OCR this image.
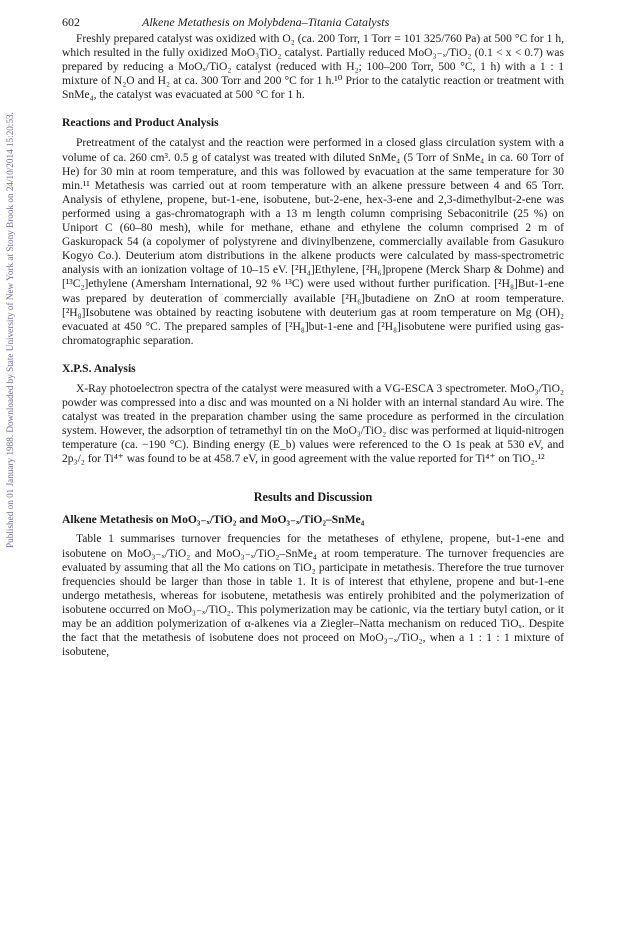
Published on 01 January 1988. Downloaded by State University of New York at Stony Brook on 24/10/2014 15:20:53.
602	Alkene Metathesis on Molybdena–Titania Catalysts

Freshly prepared catalyst was oxidized with O₂ (ca. 200 Torr, 1 Torr = 101 325/760 Pa) at 500 °C for 1 h, which resulted in the fully oxidized MoO₃TiO₂ catalyst. Partially reduced MoO₃₋ₓ/TiO₂ (0.1 < x < 0.7) was prepared by reducing a MoOₓ/TiO₂ catalyst (reduced with H₂; 100–200 Torr, 500 °C, 1 h) with a 1 : 1 mixture of N₂O and H₂ at ca. 300 Torr and 200 °C for 1 h.¹⁰ Prior to the catalytic reaction or treatment with SnMe₄, the catalyst was evacuated at 500 °C for 1 h.

Reactions and Product Analysis

Pretreatment of the catalyst and the reaction were performed in a closed glass circulation system with a volume of ca. 260 cm³. 0.5 g of catalyst was treated with diluted SnMe₄ (5 Torr of SnMe₄ in ca. 60 Torr of He) for 30 min at room temperature, and this was followed by evacuation at the same temperature for 30 min.¹¹ Metathesis was carried out at room temperature with an alkene pressure between 4 and 65 Torr. Analysis of ethylene, propene, but-1-ene, isobutene, but-2-ene, hex-3-ene and 2,3-dimethylbut-2-ene was performed using a gas-chromatograph with a 13 m length column comprising Sebaconitrile (25 %) on Uniport C (60–80 mesh), while for methane, ethane and ethylene the column comprised 2 m of Gaskuropack 54 (a copolymer of polystyrene and divinylbenzene, commercially available from Gasukuro Kogyo Co.). Deuterium atom distributions in the alkene products were calculated by mass-spectrometric analysis with an ionization voltage of 10–15 eV. [²H₄]Ethylene, [²H₆]propene (Merck Sharp & Dohme) and [¹³C₂]ethylene (Amersham International, 92 % ¹³C) were used without further purification. [²H₈]But-1-ene was prepared by deuteration of commercially available [²H₆]butadiene on ZnO at room temperature. [²H₈]Isobutene was obtained by reacting isobutene with deuterium gas at room temperature on Mg (OH)₂ evacuated at 450 °C. The prepared samples of [²H₈]but-1-ene and [²H₈]isobutene were purified using gas-chromatographic separation.

X.P.S. Analysis

X-Ray photoelectron spectra of the catalyst were measured with a VG-ESCA 3 spectrometer. MoO₃/TiO₂ powder was compressed into a disc and was mounted on a Ni holder with an internal standard Au wire. The catalyst was treated in the preparation chamber using the same procedure as performed in the circulation system. However, the adsorption of tetramethyl tin on the MoO₃/TiO₂ disc was performed at liquid-nitrogen temperature (ca. −190 °C). Binding energy (E_b) values were referenced to the O 1s peak at 530 eV, and 2p₃/₂ for Ti⁴⁺ was found to be at 458.7 eV, in good agreement with the value reported for Ti⁴⁺ on TiO₂.¹²

Results and Discussion
Alkene Metathesis on MoO₃₋ₓ/TiO₂ and MoO₃₋ₓ/TiO₂–SnMe₄

Table 1 summarises turnover frequencies for the metatheses of ethylene, propene, but-1-ene and isobutene on MoO₃₋ₓ/TiO₂ and MoO₃₋ₓ/TiO₂–SnMe₄ at room temperature. The turnover frequencies are evaluated by assuming that all the Mo cations on TiO₂ participate in metathesis. Therefore the true turnover frequencies should be larger than those in table 1. It is of interest that ethylene, propene and but-1-ene undergo metathesis, whereas for isobutene, metathesis was entirely prohibited and the polymerization of isobutene occurred on MoO₃₋ₓ/TiO₂. This polymerization may be cationic, via the tertiary butyl cation, or it may be an addition polymerization of α-alkenes via a Ziegler–Natta mechanism on reduced TiOₓ. Despite the fact that the metathesis of isobutene does not proceed on MoO₃₋ₓ/TiO₂, when a 1 : 1 : 1 mixture of isobutene,
